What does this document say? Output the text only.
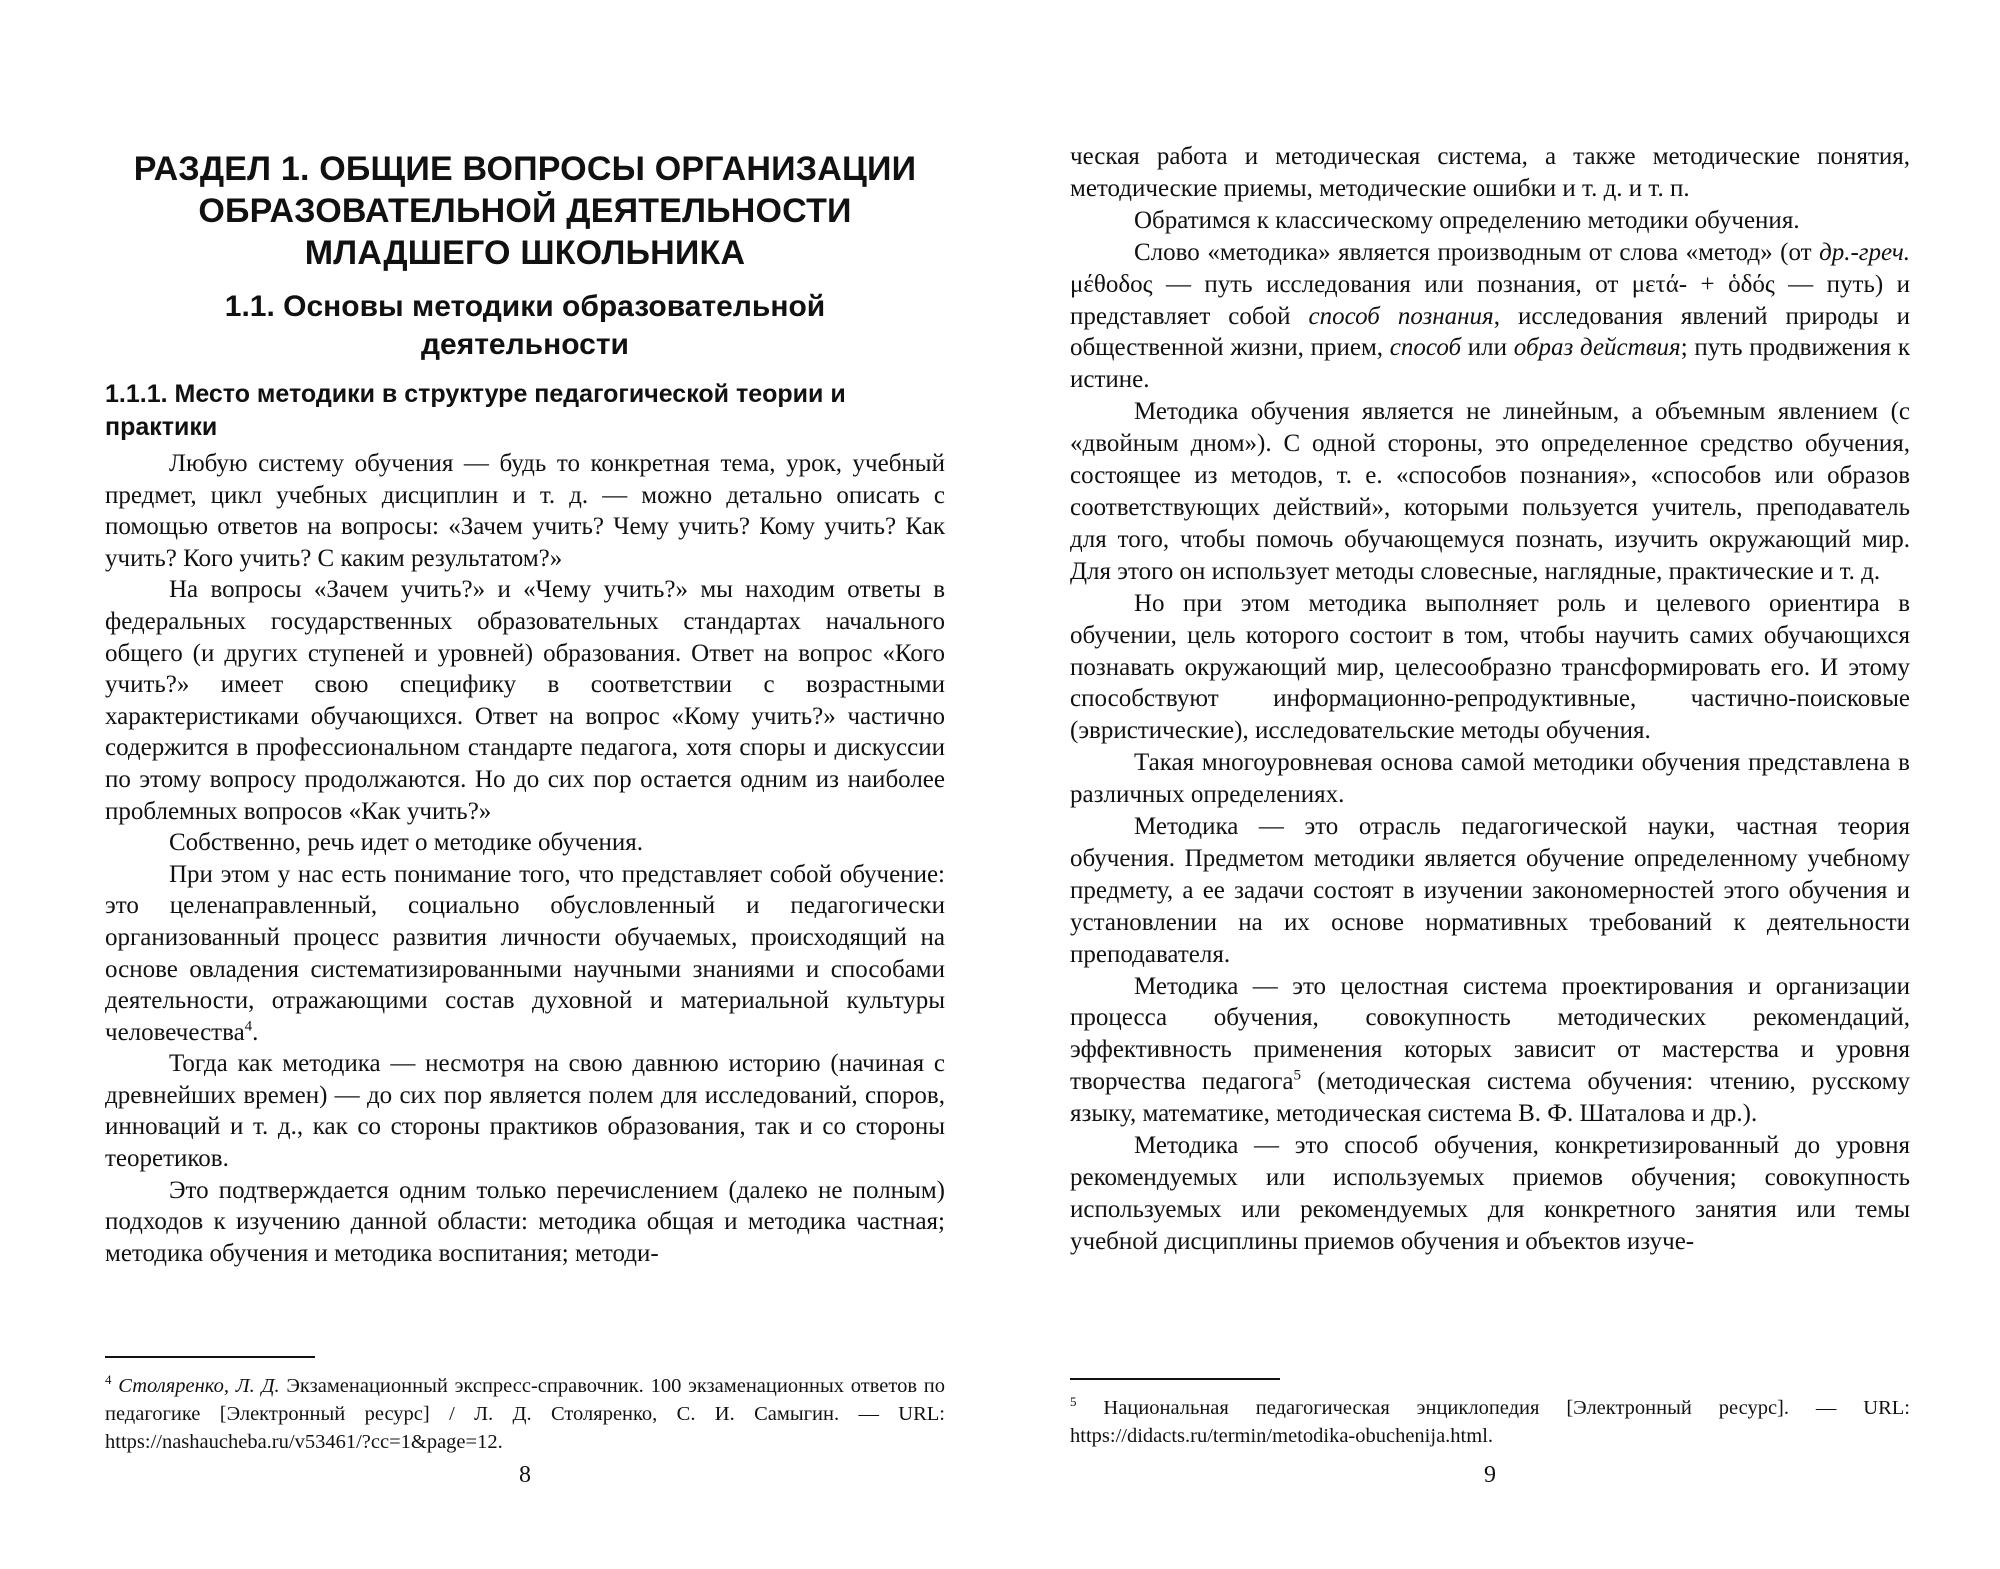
РАЗДЕЛ 1. ОБЩИЕ ВОПРОСЫ ОРГАНИЗАЦИИ ОБРАЗОВАТЕЛЬНОЙ ДЕЯТЕЛЬНОСТИ МЛАДШЕГО ШКОЛЬНИКА
1.1. Основы методики образовательной деятельности
1.1.1. Место методики в структуре педагогической теории и практики

Любую систему обучения — будь то конкретная тема, урок, учебный предмет, цикл учебных дисциплин и т. д. — можно детально описать с помощью ответов на вопросы: «Зачем учить? Чему учить? Кому учить? Как учить? Кого учить? С каким результатом?»

На вопросы «Зачем учить?» и «Чему учить?» мы находим ответы в федеральных государственных образовательных стандартах начального общего (и других ступеней и уровней) образования. Ответ на вопрос «Кого учить?» имеет свою специфику в соответствии с возрастными характеристиками обучающихся. Ответ на вопрос «Кому учить?» частично содержится в профессиональном стандарте педагога, хотя споры и дискуссии по этому вопросу продолжаются. Но до сих пор остается одним из наиболее проблемных вопросов «Как учить?»

Собственно, речь идет о методике обучения.

При этом у нас есть понимание того, что представляет собой обучение: это целенаправленный, социально обусловленный и педагогически организованный процесс развития личности обучаемых, происходящий на основе овладения систематизированными научными знаниями и способами деятельности, отражающими состав духовной и материальной культуры человечества$^4$.

Тогда как методика — несмотря на свою давнюю историю (начиная с древнейших времен) — до сих пор является полем для исследований, споров, инноваций и т. д., как со стороны практиков образования, так и со стороны теоретиков.

Это подтверждается одним только перечислением (далеко не полным) подходов к изучению данной области: методика общая и методика частная; методика обучения и методика воспитания; методи-

$^4$ Столяренко, Л. Д. Экзаменационный экспресс-справочник. 100 экзаменационных ответов по педагогике [Электронный ресурс] / Л. Д. Столяренко, С. И. Самыгин. — URL: https://nashaucheba.ru/v53461/?cc=1&page=12.
8

ческая работа и методическая система, а также методические понятия, методические приемы, методические ошибки и т. д. и т. п.

Обратимся к классическому определению методики обучения.

Слово «методика» является производным от слова «метод» (от др.-греч. μέθοδος — путь исследования или познания, от μετά- + ὁδός — путь) и представляет собой способ познания, исследования явлений природы и общественной жизни, прием, способ или образ действия; путь продвижения к истине.

Методика обучения является не линейным, а объемным явлением (с «двойным дном»). С одной стороны, это определенное средство обучения, состоящее из методов, т. е. «способов познания», «способов или образов соответствующих действий», которыми пользуется учитель, преподаватель для того, чтобы помочь обучающемуся познать, изучить окружающий мир. Для этого он использует методы словесные, наглядные, практические и т. д.

Но при этом методика выполняет роль и целевого ориентира в обучении, цель которого состоит в том, чтобы научить самих обучающихся познавать окружающий мир, целесообразно трансформировать его. И этому способствуют информационно-репродуктивные, частично-поисковые (эвристические), исследовательские методы обучения.

Такая многоуровневая основа самой методики обучения представлена в различных определениях.

Методика — это отрасль педагогической науки, частная теория обучения. Предметом методики является обучение определенному учебному предмету, а ее задачи состоят в изучении закономерностей этого обучения и установлении на их основе нормативных требований к деятельности преподавателя.

Методика — это целостная система проектирования и организации процесса обучения, совокупность методических рекомендаций, эффективность применения которых зависит от мастерства и уровня творчества педагога$^5$ (методическая система обучения: чтению, русскому языку, математике, методическая система В. Ф. Шаталова и др.).

Методика — это способ обучения, конкретизированный до уровня рекомендуемых или используемых приемов обучения; совокупность используемых или рекомендуемых для конкретного занятия или темы учебной дисциплины приемов обучения и объектов изуче-

$^5$ Национальная педагогическая энциклопедия [Электронный ресурс]. — URL: https://didacts.ru/termin/metodika-obuchenija.html.
9
